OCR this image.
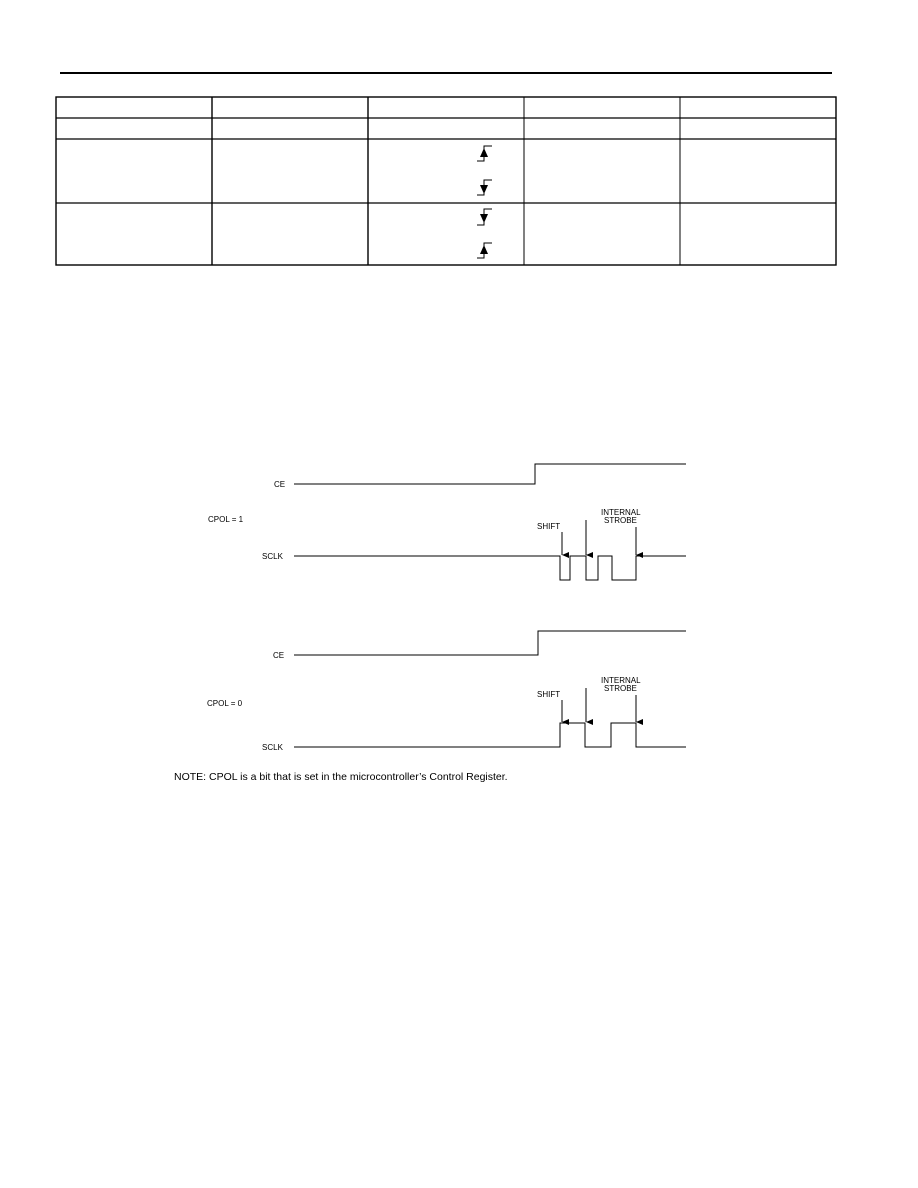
CE
CPOL = 1
SCLK
SHIFT
INTERNAL
STROBE
CE
CPOL = 0
SCLK
SHIFT
INTERNAL
STROBE
NOTE: CPOL is a bit that is set in the microcontroller’s Control Register.
